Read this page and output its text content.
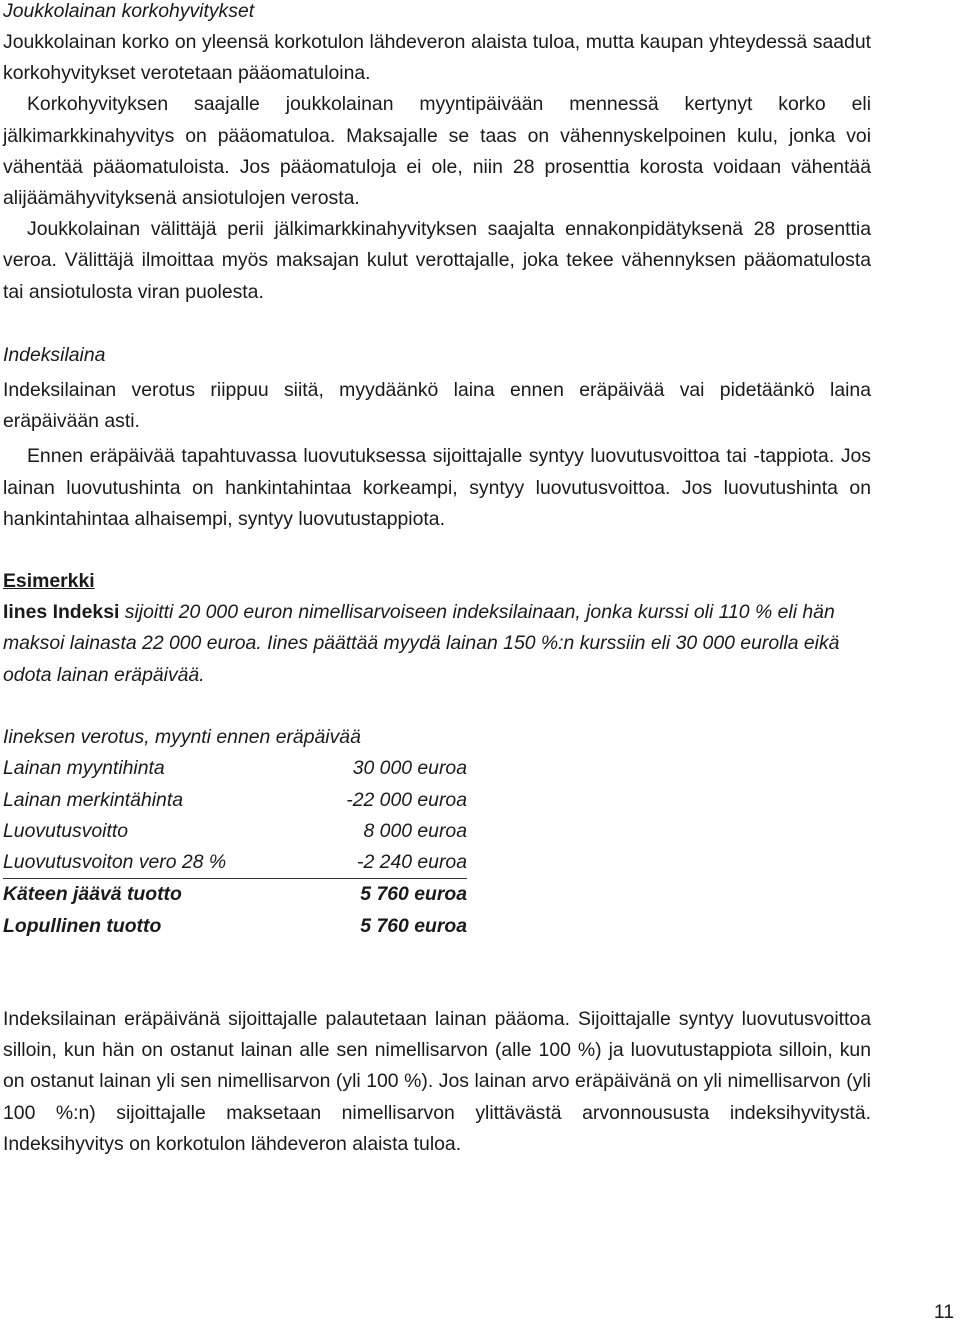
Joukkolainan korkohyvitykset

Joukkolainan korko on yleensä korkotulon lähdeveron alaista tuloa, mutta kaupan yhteydessä saadut korkohyvitykset verotetaan pääomatuloina.

Korkohyvityksen saajalle joukkolainan myyntipäivään mennessä kertynyt korko eli jälkimarkkinahyvitys on pääomatuloa. Maksajalle se taas on vähennyskelpoinen kulu, jonka voi vähentää pääomatuloista. Jos pääomatuloja ei ole, niin 28 prosenttia korosta voidaan vähentää alijäämähyvityksenä ansiotulojen verosta.

Joukkolainan välittäjä perii jälkimarkkinahyvityksen saajalta ennakonpidätyksenä 28 prosenttia veroa. Välittäjä ilmoittaa myös maksajan kulut verottajalle, joka tekee vähennyksen pääomatulosta tai ansiotulosta viran puolesta.

Indeksilaina

Indeksilainan verotus riippuu siitä, myydäänkö laina ennen eräpäivää vai pidetäänkö laina eräpäivään asti.

Ennen eräpäivää tapahtuvassa luovutuksessa sijoittajalle syntyy luovutusvoittoa tai -tappiota. Jos lainan luovutushinta on hankintahintaa korkeampi, syntyy luovutusvoittoa. Jos luovutushinta on hankintahintaa alhaisempi, syntyy luovutustappiota.

Esimerkki

Iines Indeksi sijoitti 20 000 euron nimellisarvoiseen indeksilainaan, jonka kurssi oli 110 % eli hän maksoi lainasta 22 000 euroa. Iines päättää myydä lainan 150 %:n kurssiin eli 30 000 eurolla eikä odota lainan eräpäivää.

Iineksen verotus, myynti ennen eräpäivää

Lainan myyntihinta	30 000 euroa
Lainan merkintähinta	-22 000 euroa
Luovutusvoitto	8 000 euroa
Luovutusvoiton vero 28 %	-2 240 euroa
Käteen jäävä tuotto	5 760 euroa
Lopullinen tuotto	5 760 euroa

Indeksilainan eräpäivänä sijoittajalle palautetaan lainan pääoma. Sijoittajalle syntyy luovutusvoittoa silloin, kun hän on ostanut lainan alle sen nimellisarvon (alle 100 %) ja luovutustappiota silloin, kun on ostanut lainan yli sen nimellisarvon (yli 100 %). Jos lainan arvo eräpäivänä on yli nimellisarvon (yli 100 %:n) sijoittajalle maksetaan nimellisarvon ylittävästä arvonnoususta indeksihyvitystä. Indeksihyvitys on korkotulon lähdeveron alaista tuloa.

11
